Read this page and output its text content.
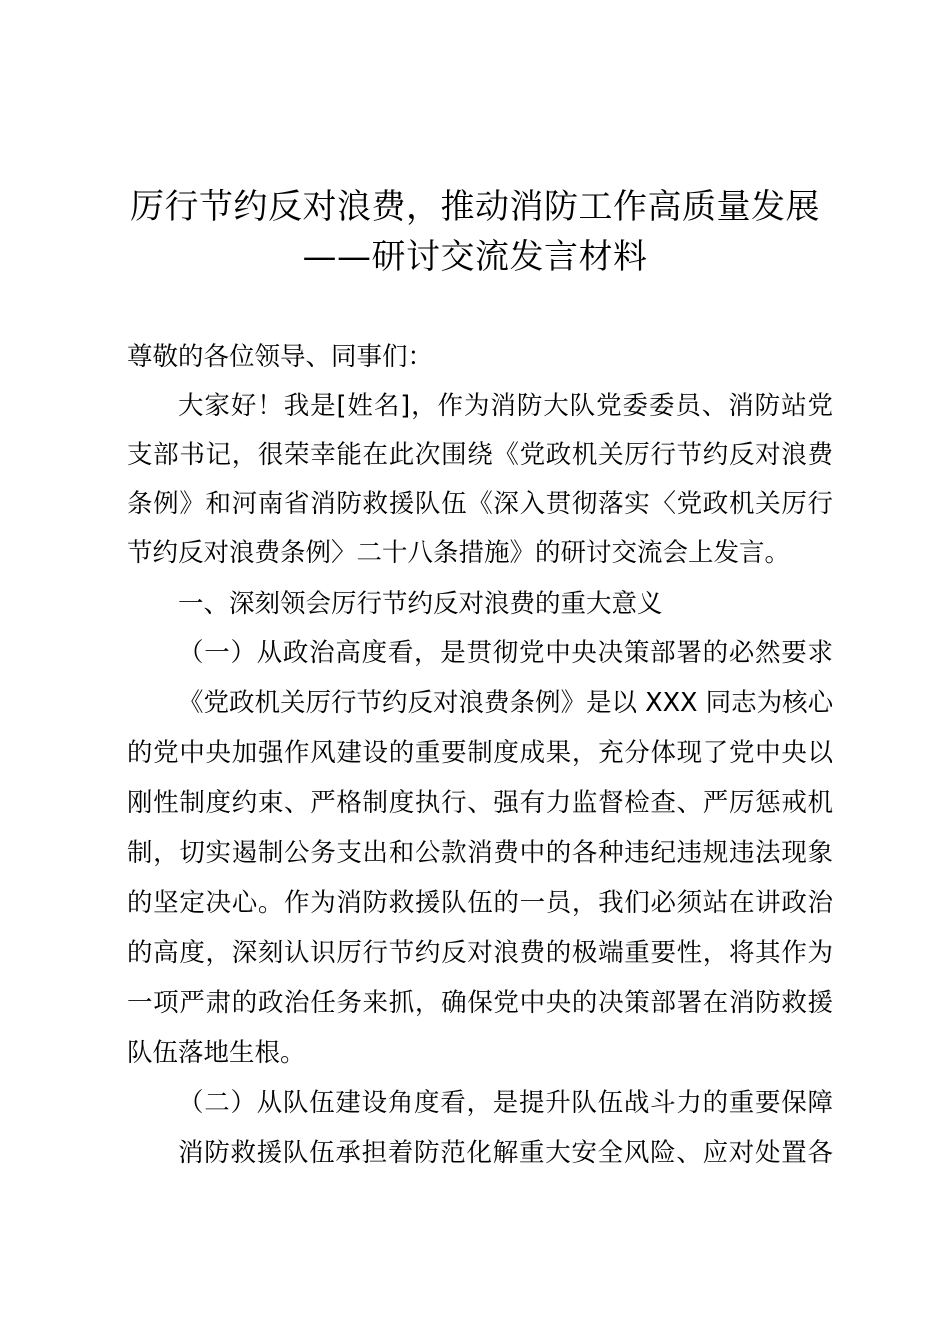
厉行节约反对浪费，推动消防工作高质量发展
——研讨交流发言材料
尊敬的各位领导、同事们：
大家好！我是[姓名]，作为消防大队党委委员、消防站党
支部书记，很荣幸能在此次围绕《党政机关厉行节约反对浪费
条例》和河南省消防救援队伍《深入贯彻落实〈党政机关厉行
节约反对浪费条例〉二十八条措施》的研讨交流会上发言。
一、深刻领会厉行节约反对浪费的重大意义
（一）从政治高度看，是贯彻党中央决策部署的必然要求
《党政机关厉行节约反对浪费条例》是以 XXX 同志为核心
的党中央加强作风建设的重要制度成果，充分体现了党中央以
刚性制度约束、严格制度执行、强有力监督检查、严厉惩戒机
制，切实遏制公务支出和公款消费中的各种违纪违规违法现象
的坚定决心。作为消防救援队伍的一员，我们必须站在讲政治
的高度，深刻认识厉行节约反对浪费的极端重要性，将其作为
一项严肃的政治任务来抓，确保党中央的决策部署在消防救援
队伍落地生根。
（二）从队伍建设角度看，是提升队伍战斗力的重要保障
消防救援队伍承担着防范化解重大安全风险、应对处置各
